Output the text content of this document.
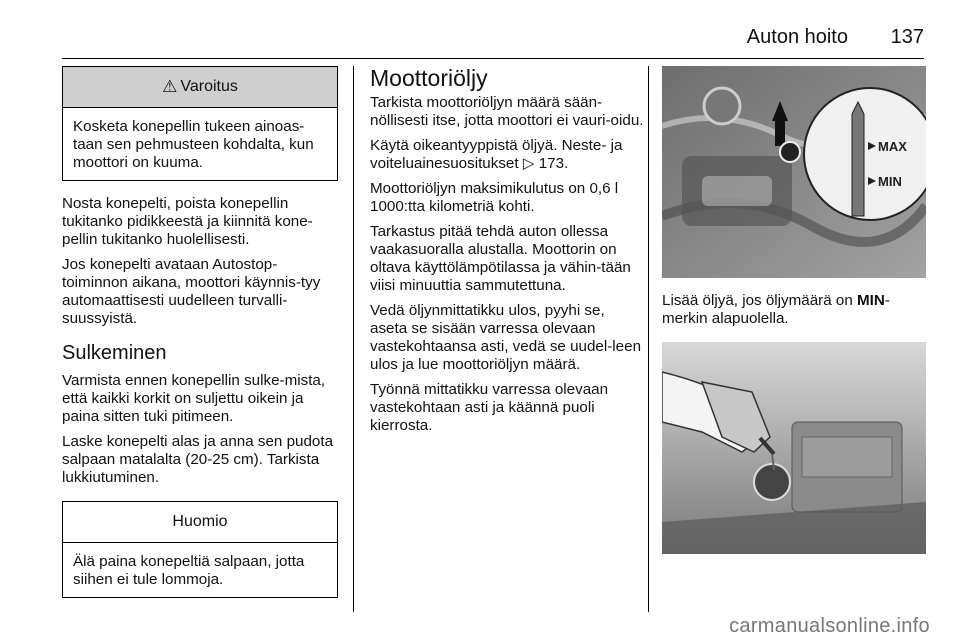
Auton hoito 137
⚠ Varoitus
Kosketa konepellin tukeen ainoas-taan sen pehmusteen kohdalta, kun moottori on kuuma.

Nosta konepelti, poista konepellin tukitanko pidikkeestä ja kiinnitä kone-pellin tukitanko huolellisesti.

Jos konepelti avataan Autostop-toiminnon aikana, moottori käynnis-tyy automaattisesti uudelleen turvalli-suussyistä.

Sulkeminen

Varmista ennen konepellin sulke-mista, että kaikki korkit on suljettu oikein ja paina sitten tuki pitimeen.

Laske konepelti alas ja anna sen pudota salpaan matalalta (20-25 cm). Tarkista lukkiutuminen.

Huomio
Älä paina konepeltiä salpaan, jotta siihen ei tule lommoja.
Moottoriöljy

Tarkista moottoriöljyn määrä sään-nöllisesti itse, jotta moottori ei vauri-oidu.

Käytä oikeantyyppistä öljyä. Neste- ja voiteluainesuositukset ▷ 173.

Moottoriöljyn maksimikulutus on 0,6 l 1000:tta kilometriä kohti.

Tarkastus pitää tehdä auton ollessa vaakasuoralla alustalla. Moottorin on oltava käyttölämpötilassa ja vähin-tään viisi minuuttia sammutettuna.

Vedä öljynmittatikku ulos, pyyhi se, aseta se sisään varressa olevaan vastekohtaansa asti, vedä se uudel-leen ulos ja lue moottoriöljyn määrä.

Työnnä mittatikku varressa olevaan vastekohtaan asti ja käännä puoli kierrosta.

MAX
MIN

Lisää öljyä, jos öljymäärä on MIN-merkin alapuolella.

carmanualsonline.info
